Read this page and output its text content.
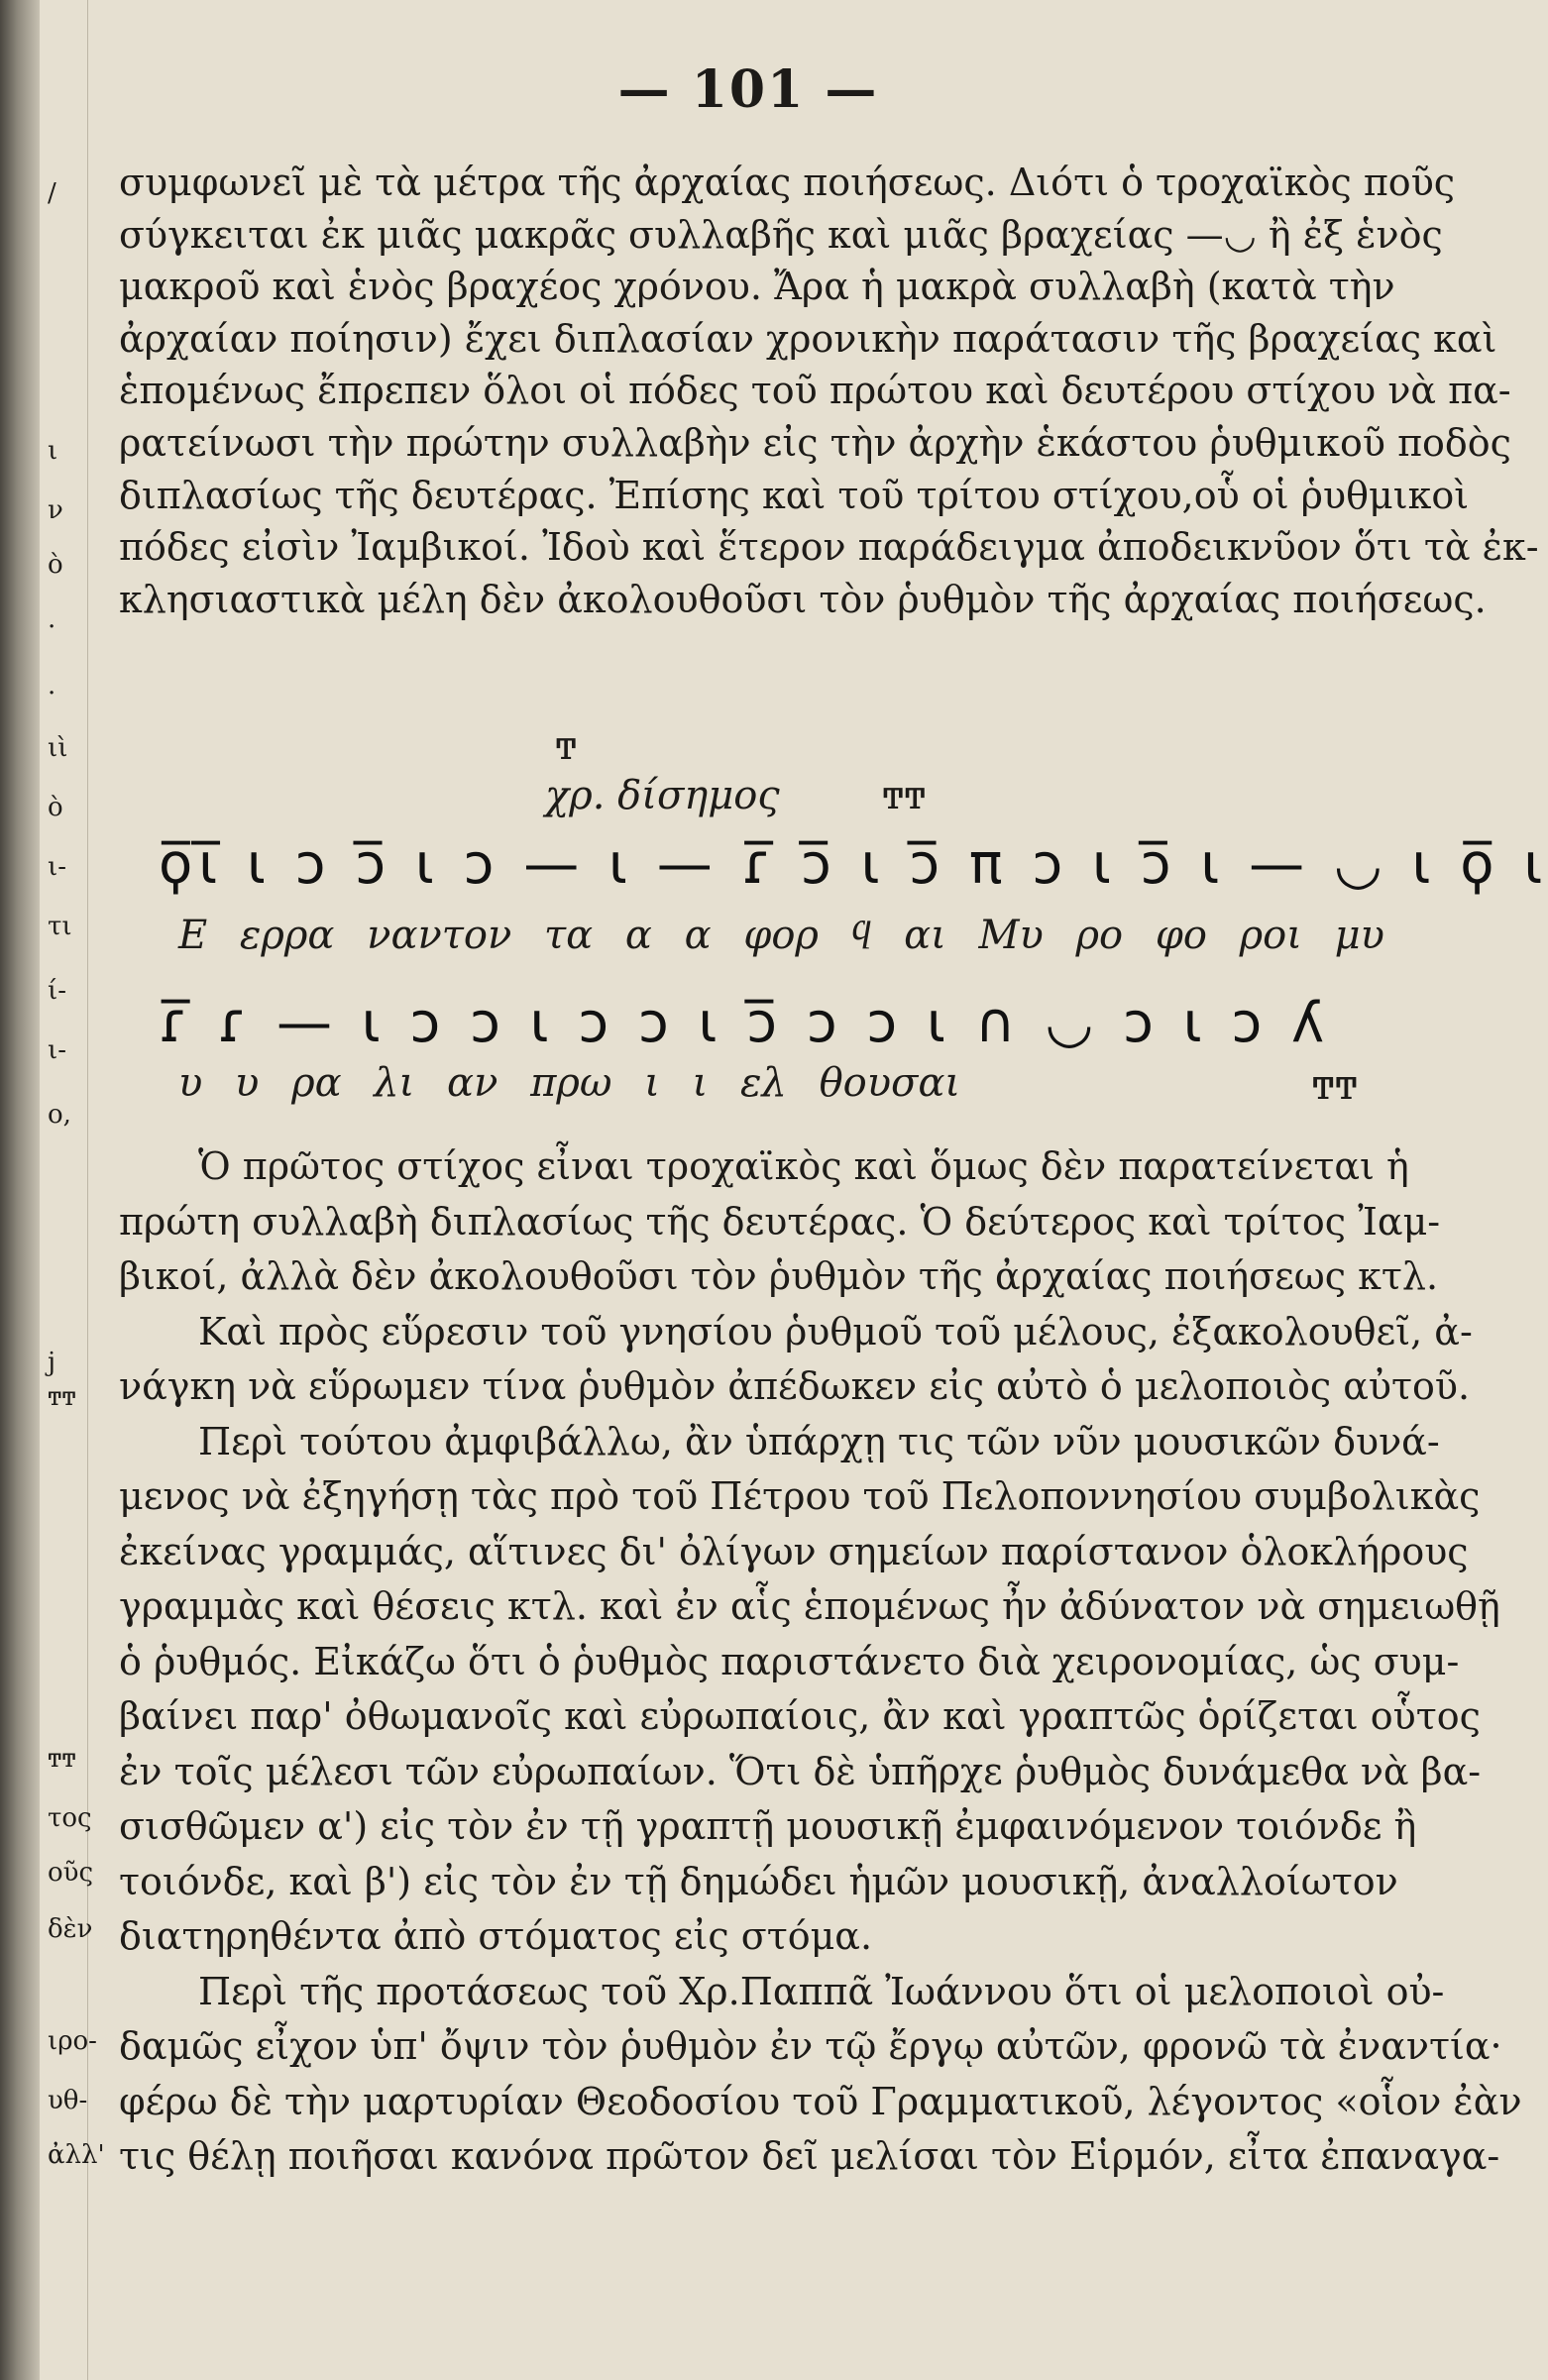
/
ι
ν
ὸ
.
·
ιὶ
ὸ
ι-
τι
ί-
ι-
ο,
ϳ
ͳͳ
ͳͳ
τος
οῦς
δὲν
ιρο-
υθ-
ἀλλ'
— 101 —
συμφωνεῖ μὲ τὰ μέτρα τῆς ἀρχαίας ποιήσεως. Διότι ὁ τροχαϊκὸς ποῦς
σύγκειται ἐκ μιᾶς μακρᾶς συλλαβῆς καὶ μιᾶς βραχείας —◡ ἢ ἐξ ἑνὸς
μακροῦ καὶ ἑνὸς βραχέος χρόνου. Ἄρα ἡ μακρὰ συλλαβὴ (κατὰ τὴν
ἀρχαίαν ποίησιν) ἔχει διπλασίαν χρονικὴν παράτασιν τῆς βραχείας καὶ
ἑπομένως ἔπρεπεν ὅλοι οἱ πόδες τοῦ πρώτου καὶ δευτέρου στίχου νὰ πα-
ρατείνωσι τὴν πρώτην συλλαβὴν εἰς τὴν ἀρχὴν ἑκάστου ῥυθμικοῦ ποδὸς
διπλασίως τῆς δευτέρας. Ἐπίσης καὶ τοῦ τρίτου στίχου,οὗ οἱ ῥυθμικοὶ
πόδες εἰσὶν Ἰαμβικοί. Ἰδοὺ καὶ ἕτερον παράδειγμα ἀποδεικνῦον ὅτι τὰ ἐκ-
κλησιαστικὰ μέλη δὲν ἀκολουθοῦσι τὸν ῥυθμὸν τῆς ἀρχαίας ποιήσεως.
ͳ
χρ. δίσημος	ͳͳ
ϙ̅ɩ̅ ɩ ɔ ɔ̅ ɩ ɔ — ɩ — ɾ̅ ɔ̅ ɩ ɔ̅ π ɔ ɩ ɔ̅ ɩ — ◡ ɩ ϙ̅ ɩ
Ε ερρα ναντον τα α α φορ ϥ αι Μυ ρο φο ροι μυ
ɾ̅ ɾ — ɩ ɔ ɔ ɩ ɔ ɔ ɩ ɔ̅ ɔ ɔ ɩ ∩ ◡ ɔ ɩ ɔ ʎ
υ υ ρα λι αν πρω ι ι ελ θουσαι	ͳͳ
Ὁ πρῶτος στίχος εἶναι τροχαϊκὸς καὶ ὅμως δὲν παρατείνεται ἡ
πρώτη συλλαβὴ διπλασίως τῆς δευτέρας. Ὁ δεύτερος καὶ τρίτος Ἰαμ-
βικοί, ἀλλὰ δὲν ἀκολουθοῦσι τὸν ῥυθμὸν τῆς ἀρχαίας ποιήσεως κτλ.
Καὶ πρὸς εὕρεσιν τοῦ γνησίου ῥυθμοῦ τοῦ μέλους, ἐξακολουθεῖ, ἀ-
νάγκη νὰ εὕρωμεν τίνα ῥυθμὸν ἀπέδωκεν εἰς αὐτὸ ὁ μελοποιὸς αὐτοῦ.
Περὶ τούτου ἀμφιβάλλω, ἂν ὑπάρχῃ τις τῶν νῦν μουσικῶν δυνά-
μενος νὰ ἐξηγήσῃ τὰς πρὸ τοῦ Πέτρου τοῦ Πελοποννησίου συμβολικὰς
ἐκείνας γραμμάς, αἵτινες δι' ὀλίγων σημείων παρίστανον ὁλοκλήρους
γραμμὰς καὶ θέσεις κτλ. καὶ ἐν αἷς ἑπομένως ἦν ἀδύνατον νὰ σημειωθῇ
ὁ ῥυθμός. Εἰκάζω ὅτι ὁ ῥυθμὸς παριστάνετο διὰ χειρονομίας, ὡς συμ-
βαίνει παρ' ὀθωμανοῖς καὶ εὐρωπαίοις, ἂν καὶ γραπτῶς ὁρίζεται οὗτος
ἐν τοῖς μέλεσι τῶν εὐρωπαίων. Ὅτι δὲ ὑπῆρχε ῥυθμὸς δυνάμεθα νὰ βα-
σισθῶμεν α') εἰς τὸν ἐν τῇ γραπτῇ μουσικῇ ἐμφαινόμενον τοιόνδε ἢ
τοιόνδε, καὶ β') εἰς τὸν ἐν τῇ δημώδει ἡμῶν μουσικῇ, ἀναλλοίωτον
διατηρηθέντα ἀπὸ στόματος εἰς στόμα.
Περὶ τῆς προτάσεως τοῦ Χρ.Παππᾶ Ἰωάννου ὅτι οἱ μελοποιοὶ οὐ-
δαμῶς εἶχον ὑπ' ὄψιν τὸν ῥυθμὸν ἐν τῷ ἔργῳ αὐτῶν, φρονῶ τὰ ἐναντία·
φέρω δὲ τὴν μαρτυρίαν Θεοδοσίου τοῦ Γραμματικοῦ, λέγοντος «οἷον ἐὰν
τις θέλῃ ποιῆσαι κανόνα πρῶτον δεῖ μελίσαι τὸν Εἱρμόν, εἶτα ἐπαναγα-
